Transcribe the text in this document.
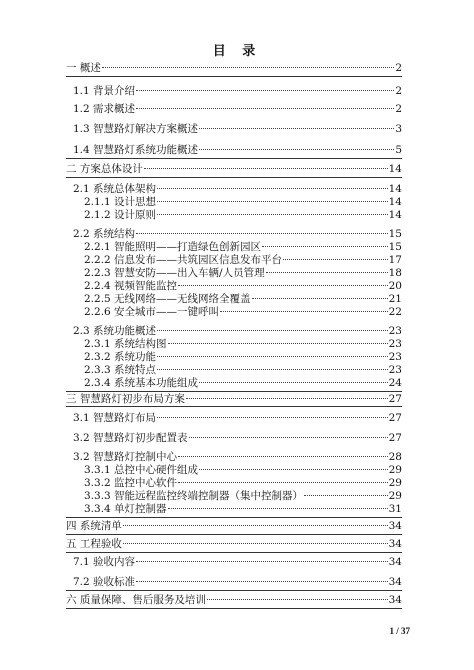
目 录
一 概述	2
1.1 背景介绍	2
1.2 需求概述	2
1.3 智慧路灯解决方案概述	3
1.4 智慧路灯系统功能概述	5
二 方案总体设计	14
2.1 系统总体架构	14
2.1.1 设计思想	14
2.1.2 设计原则	14
2.2 系统结构	15
2.2.1 智能照明——打造绿色创新园区	15
2.2.2 信息发布——共筑园区信息发布平台	17
2.2.3 智慧安防——出入车辆/人员管理	18
2.2.4 视频智能监控	20
2.2.5 无线网络——无线网络全覆盖	21
2.2.6 安全城市——一键呼叫	22
2.3 系统功能概述	23
2.3.1 系统结构图	23
2.3.2 系统功能	23
2.3.3 系统特点	23
2.3.4 系统基本功能组成	24
三 智慧路灯初步布局方案	27
3.1 智慧路灯布局	27
3.2 智慧路灯初步配置表	27
3.2 智慧路灯控制中心	28
3.3.1 总控中心硬件组成	29
3.3.2 监控中心软件	29
3.3.3 智能远程监控终端控制器（集中控制器）	29
3.3.4 单灯控制器	31
四 系统清单	34
五 工程验收	34
7.1 验收内容	34
7.2 验收标准	34
六 质量保障、售后服务及培训	34
1 / 37
